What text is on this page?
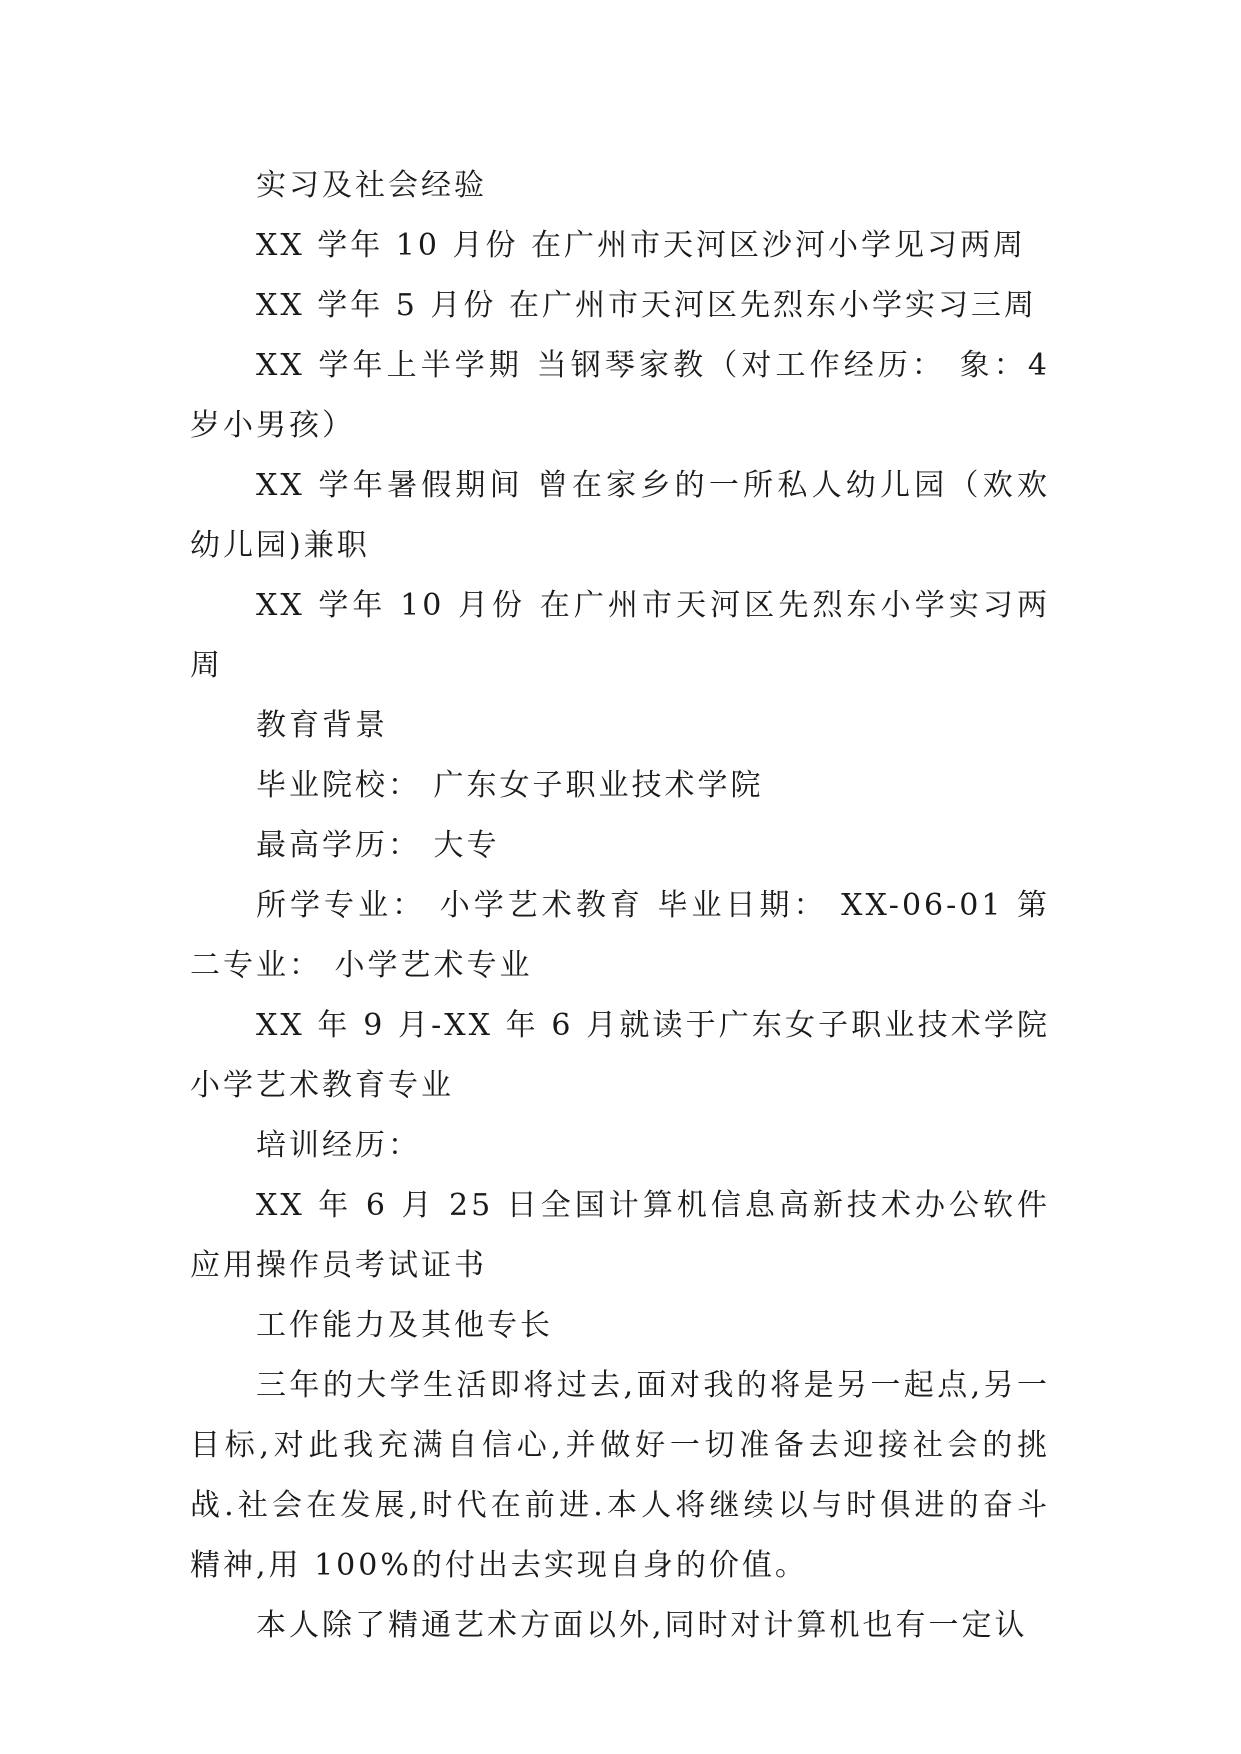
实习及社会经验

XX 学年 10 月份 在广州市天河区沙河小学见习两周

XX 学年 5 月份 在广州市天河区先烈东小学实习三周

XX 学年上半学期 当钢琴家教（对工作经历： 象：4 岁小男孩）

XX 学年暑假期间 曾在家乡的一所私人幼儿园（欢欢幼儿园)兼职

XX 学年 10 月份 在广州市天河区先烈东小学实习两周

教育背景

毕业院校： 广东女子职业技术学院

最高学历： 大专

所学专业： 小学艺术教育 毕业日期： XX-06-01 第二专业： 小学艺术专业

XX 年 9 月-XX 年 6 月就读于广东女子职业技术学院 小学艺术教育专业

培训经历：

XX 年 6 月 25 日全国计算机信息高新技术办公软件应用操作员考试证书

工作能力及其他专长

三年的大学生活即将过去,面对我的将是另一起点,另一目标,对此我充满自信心,并做好一切准备去迎接社会的挑战.社会在发展,时代在前进.本人将继续以与时俱进的奋斗精神,用 100%的付出去实现自身的价值。

本人除了精通艺术方面以外,同时对计算机也有一定认
